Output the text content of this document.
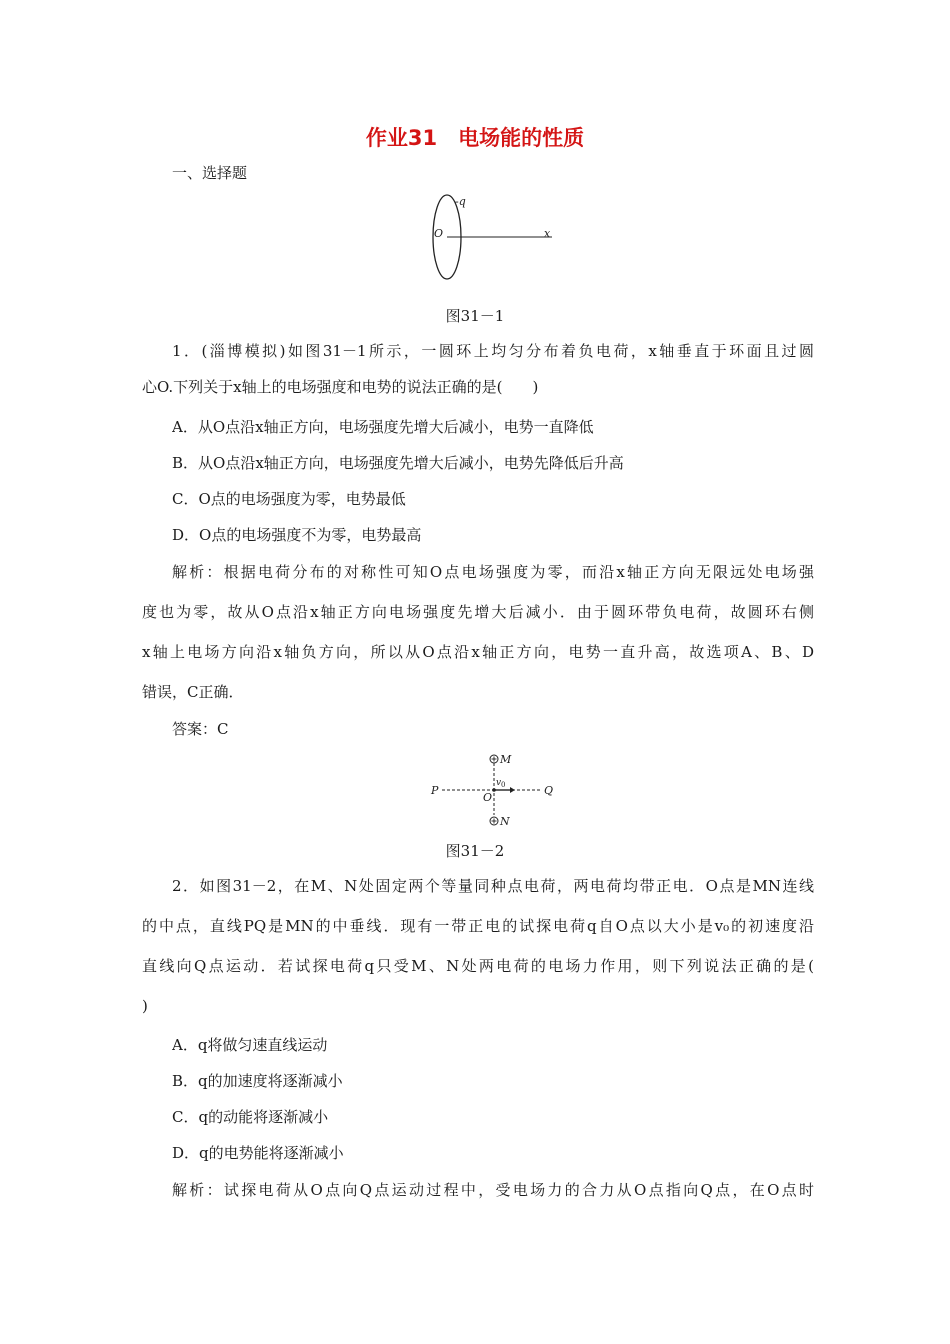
作业31　电场能的性质
一、选择题
-q
O	x
图31－1
1．(淄博模拟)如图31－1所示，一圆环上均匀分布着负电荷，x轴垂直于环面且过圆
心O.下列关于x轴上的电场强度和电势的说法正确的是(　　)
A．从O点沿x轴正方向，电场强度先增大后减小，电势一直降低
B．从O点沿x轴正方向，电场强度先增大后减小，电势先降低后升高
C．O点的电场强度为零，电势最低
D．O点的电场强度不为零，电势最高
解析：根据电荷分布的对称性可知O点电场强度为零，而沿x轴正方向无限远处电场强
度也为零，故从O点沿x轴正方向电场强度先增大后减小．由于圆环带负电荷，故圆环右侧
x轴上电场方向沿x轴负方向，所以从O点沿x轴正方向，电势一直升高，故选项A、B、D
错误，C正确．
答案：C
M
N
P	Q
O
v 0
图31－2
2．如图31－2，在M、N处固定两个等量同种点电荷，两电荷均带正电．O点是MN连线
的中点，直线PQ是MN的中垂线．现有一带正电的试探电荷q自O点以大小是v₀的初速度沿
直线向Q点运动．若试探电荷q只受M、N处两电荷的电场力作用，则下列说法正确的是(
)
A．q将做匀速直线运动
B．q的加速度将逐渐减小
C．q的动能将逐渐减小
D．q的电势能将逐渐减小
解析：试探电荷从O点向Q点运动过程中，受电场力的合力从O点指向Q点，在O点时
